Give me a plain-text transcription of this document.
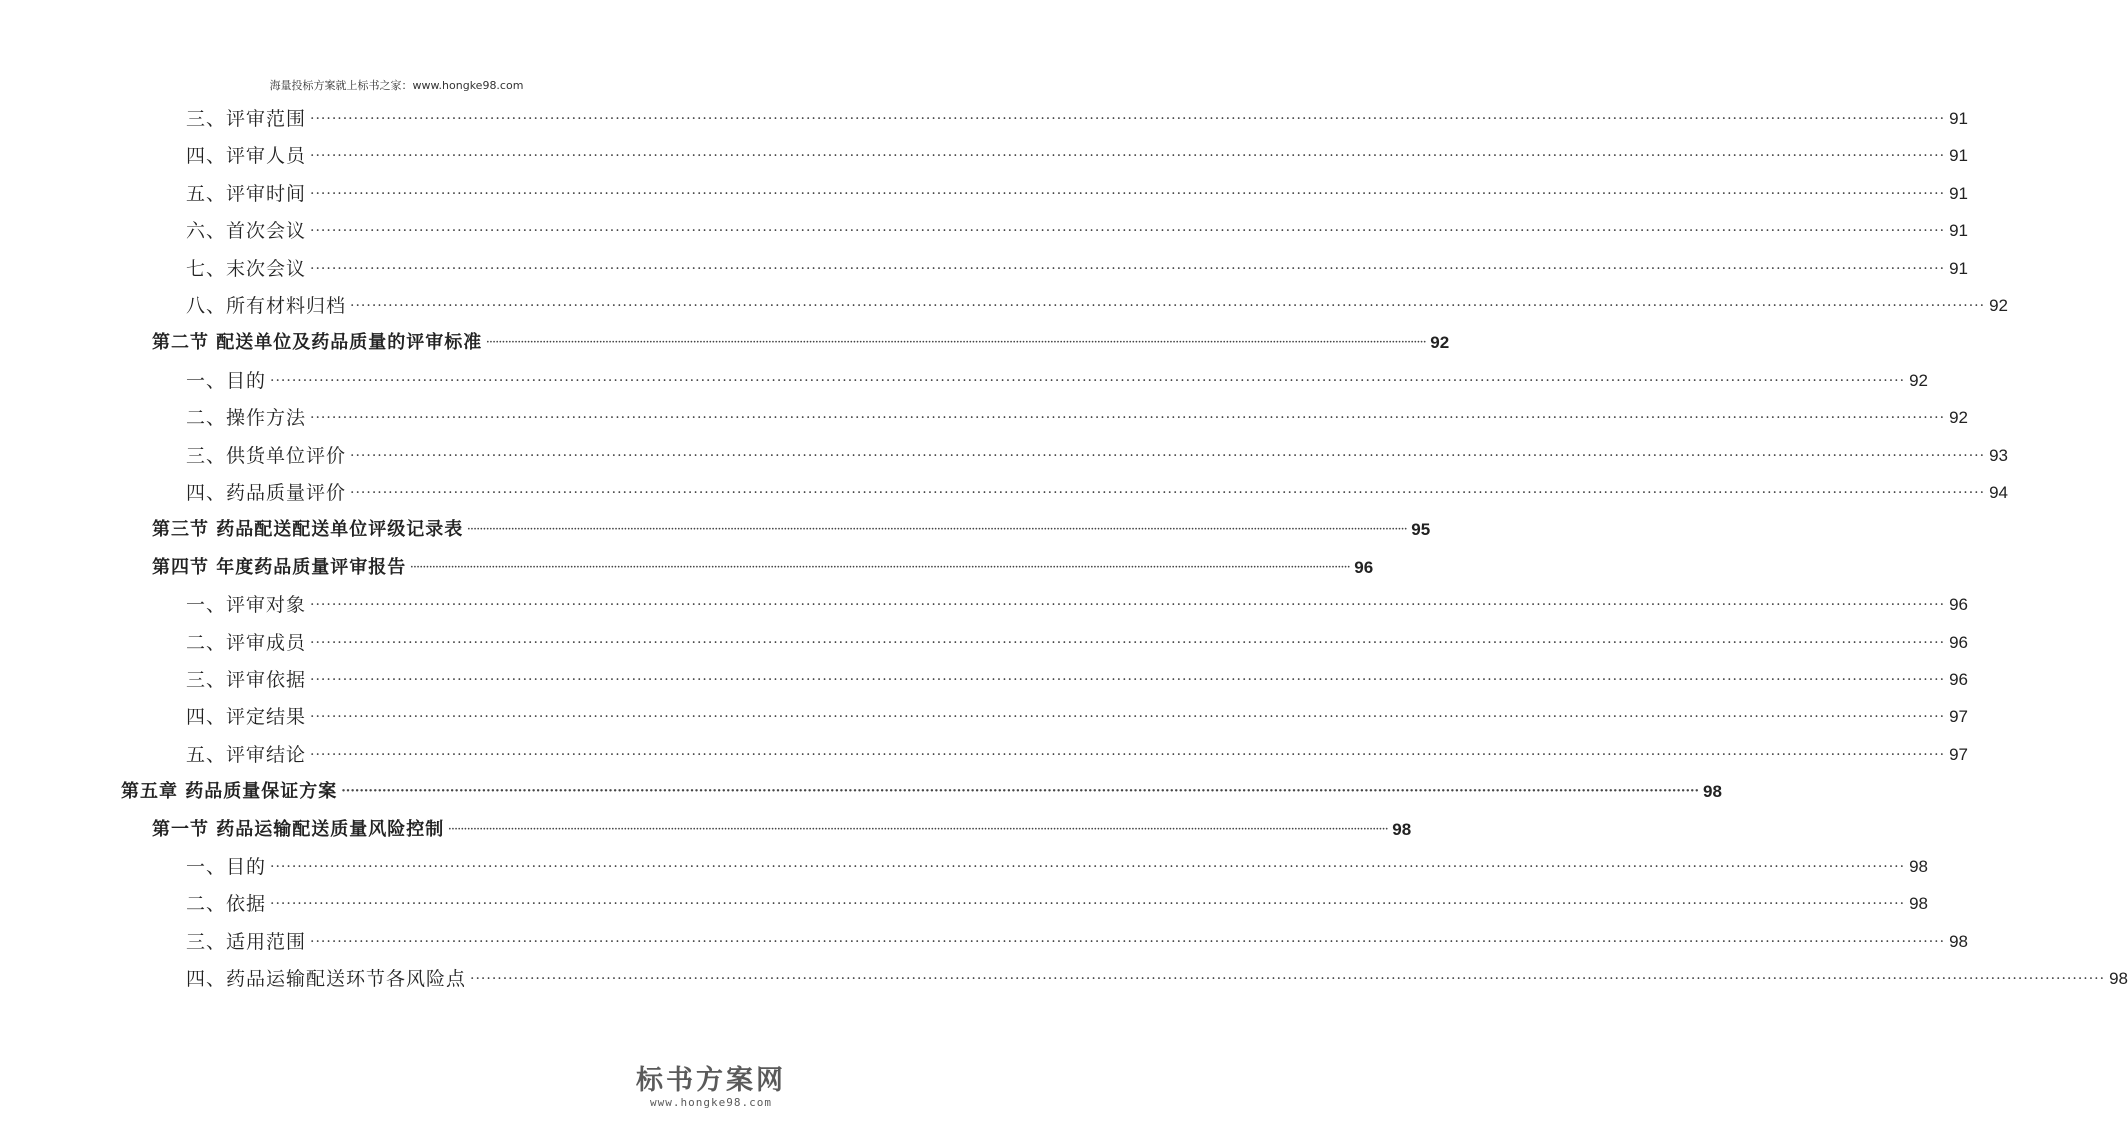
海量投标方案就上标书之家：www.hongke98.com
三、评审范围 ············································································································································································································································································································ 91
四、评审人员 ············································································································································································································································································································ 91
五、评审时间 ············································································································································································································································································································ 91
六、首次会议 ············································································································································································································································································································ 91
七、末次会议 ············································································································································································································································································································ 91
八、所有材料归档 ············································································································································································································································································································ 92
第二节 配送单位及药品质量的评审标准 ············································································································································································································································································································ 92
一、目的 ············································································································································································································································································································ 92
二、操作方法 ············································································································································································································································································································ 92
三、供货单位评价 ············································································································································································································································································································ 93
四、药品质量评价 ············································································································································································································································································································ 94
第三节 药品配送配送单位评级记录表 ············································································································································································································································································································ 95
第四节 年度药品质量评审报告 ············································································································································································································································································································ 96
一、评审对象 ············································································································································································································································································································ 96
二、评审成员 ············································································································································································································································································································ 96
三、评审依据 ············································································································································································································································································································ 96
四、评定结果 ············································································································································································································································································································ 97
五、评审结论 ············································································································································································································································································································ 97
第五章 药品质量保证方案 ············································································································································································································································································································ 98
第一节 药品运输配送质量风险控制 ············································································································································································································································································································ 98
一、目的 ············································································································································································································································································································ 98
二、依据 ············································································································································································································································································································ 98
三、适用范围 ············································································································································································································································································································ 98
四、药品运输配送环节各风险点 ············································································································································································································································································································ 98
标书方案网
www.hongke98.com
